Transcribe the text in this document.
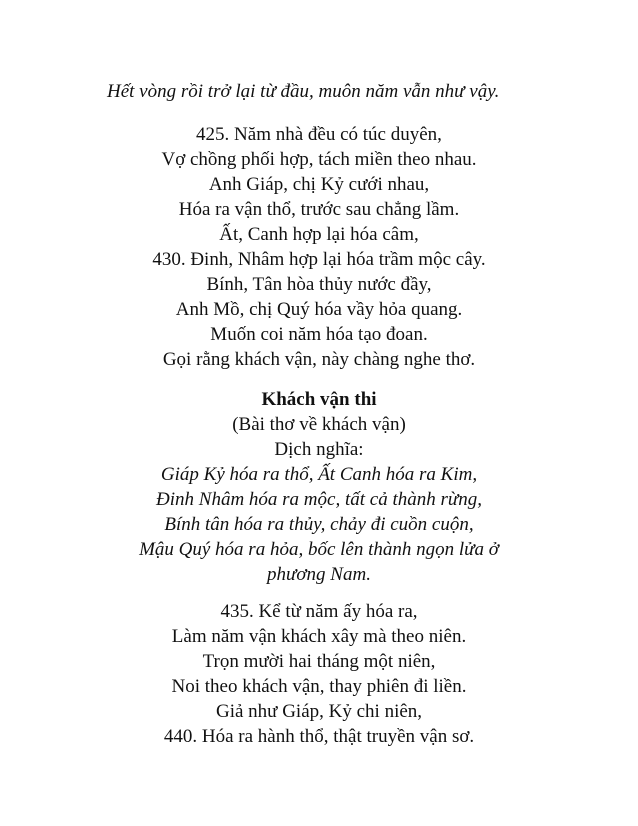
Hết vòng rồi trở lại từ đầu, muôn năm vẫn như vậy.
425. Năm nhà đều có túc duyên,
Vợ chồng phối hợp, tách miền theo nhau.
Anh Giáp, chị Kỷ cưới nhau,
Hóa ra vận thổ, trước sau chẳng lầm.
Ất, Canh hợp lại hóa câm,
430. Đinh, Nhâm hợp lại hóa trầm mộc cây.
Bính, Tân hòa thủy nước đầy,
Anh Mồ, chị Quý hóa vầy hỏa quang.
Muốn coi năm hóa tạo đoan.
Gọi rằng khách vận, này chàng nghe thơ.
Khách vận thi
(Bài thơ về khách vận)
Dịch nghĩa:
Giáp Kỷ hóa ra thổ, Ất Canh hóa ra Kim,
Đinh Nhâm hóa ra mộc, tất cả thành rừng,
Bính tân hóa ra thủy, chảy đi cuồn cuộn,
Mậu Quý hóa ra hỏa, bốc lên thành ngọn lửa ở
phương Nam.
435. Kể từ năm ấy hóa ra,
Làm năm vận khách xây mà theo niên.
Trọn mười hai tháng một niên,
Noi theo khách vận, thay phiên đi liền.
Giả như Giáp, Kỷ chi niên,
440. Hóa ra hành thổ, thật truyền vận sơ.
